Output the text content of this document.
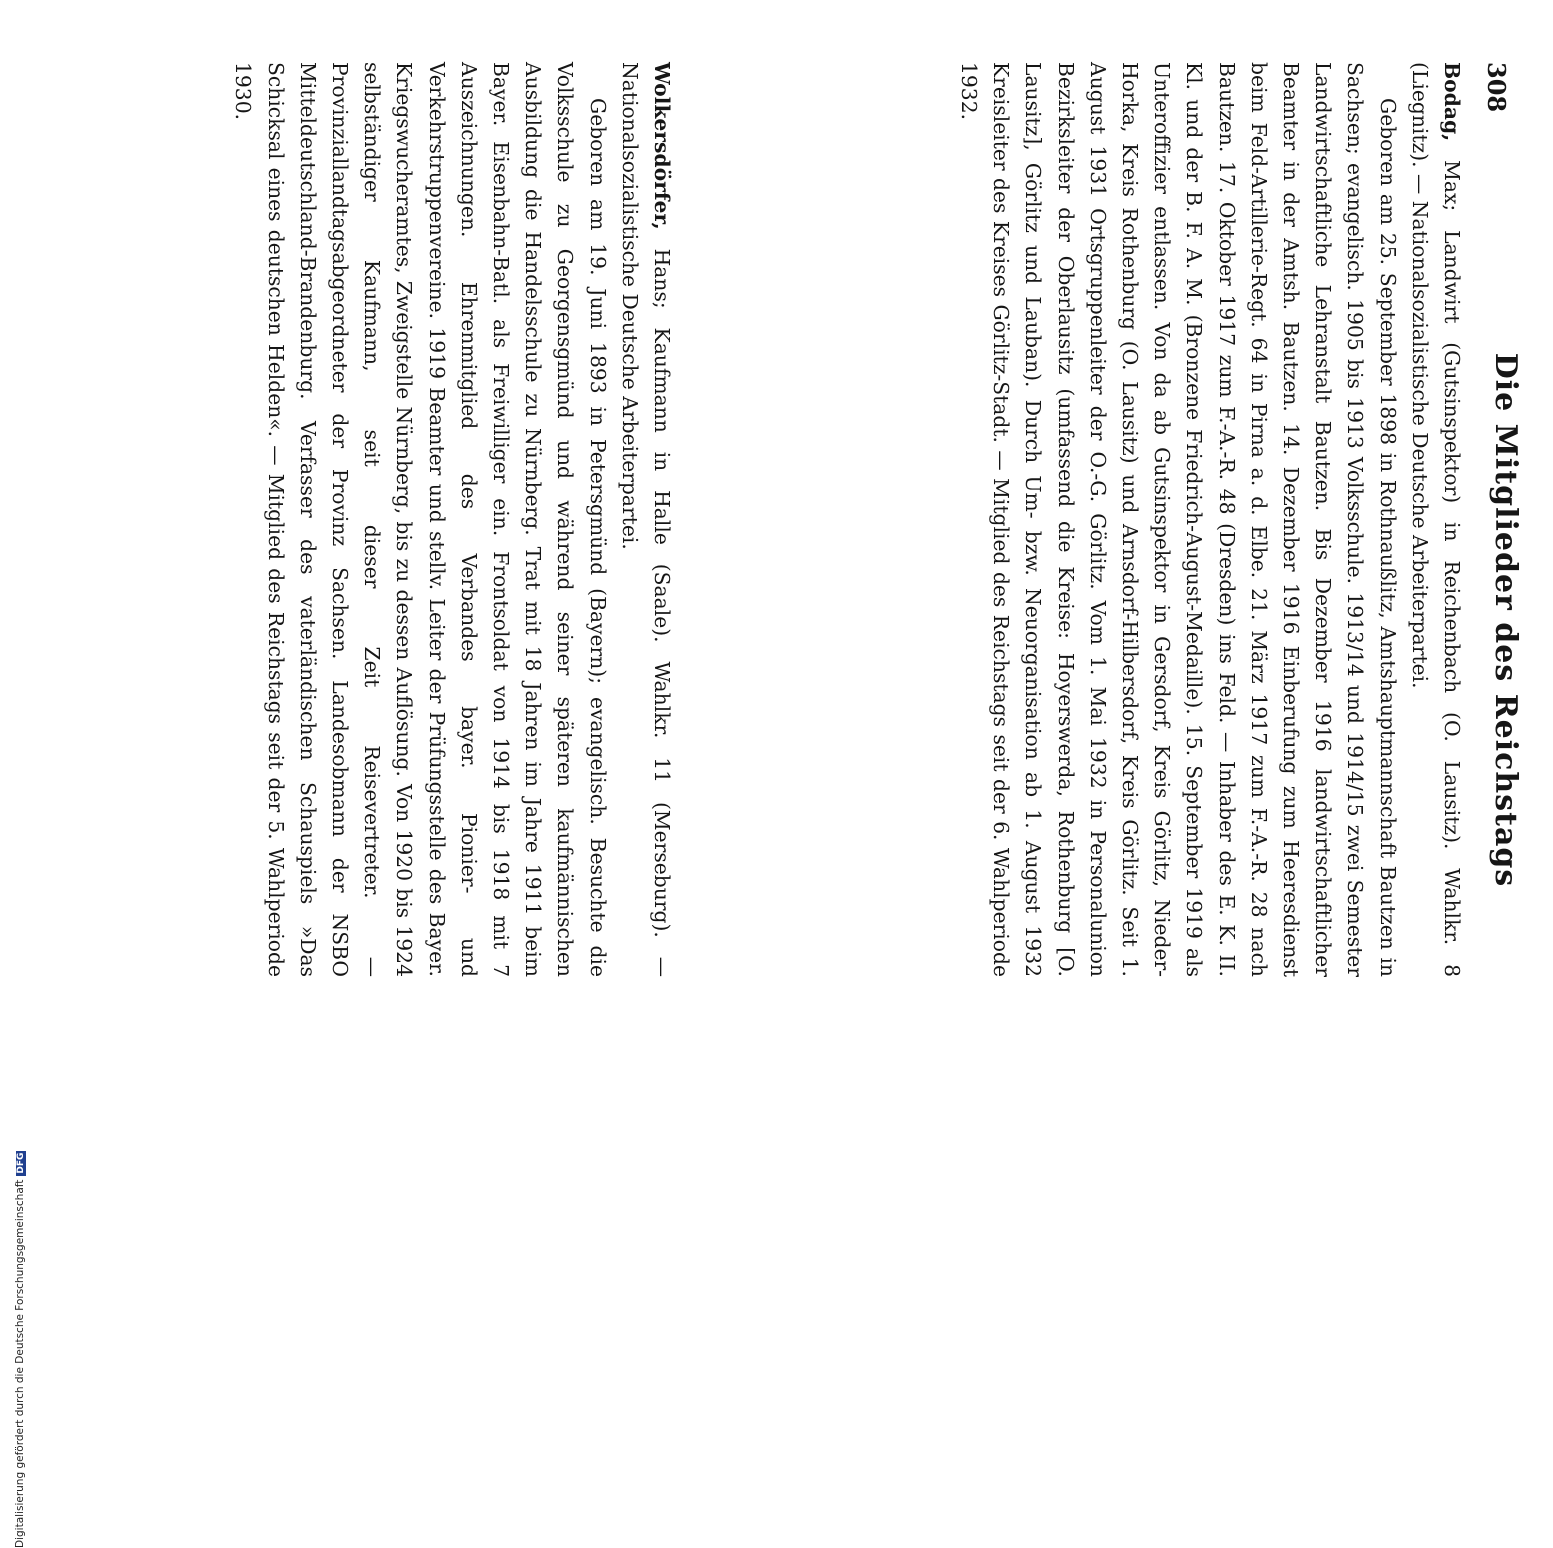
308
Die Mitglieder des Reichstags

Bodag, Max; Landwirt (Gutsinspektor) in Reichenbach (O. Lausitz). Wahlkr. 8 (Liegnitz). — Nationalsozialistische Deutsche Arbeiterpartei.

Geboren am 25. September 1898 in Rothnaußlitz, Amtshauptmannschaft Bautzen in Sachsen; evangelisch. 1905 bis 1913 Volksschule. 1913/14 und 1914/15 zwei Semester Landwirtschaftliche Lehranstalt Bautzen. Bis Dezember 1916 landwirtschaftlicher Beamter in der Amtsh. Bautzen. 14. Dezember 1916 Einberufung zum Heeresdienst beim Feld-Artillerie-Regt. 64 in Pirna a. d. Elbe. 21. März 1917 zum F.-A.-R. 28 nach Bautzen. 17. Oktober 1917 zum F.-A.-R. 48 (Dresden) ins Feld. — Inhaber des E. K. II. Kl. und der B. F. A. M. (Bronzene Friedrich-August-Medaille). 15. September 1919 als Unteroffizier entlassen. Von da ab Gutsinspektor in Gersdorf, Kreis Görlitz, Nieder-Horka, Kreis Rothenburg (O. Lausitz) und Arnsdorf-Hilbersdorf, Kreis Görlitz. Seit 1. August 1931 Ortsgruppenleiter der O.-G. Görlitz. Vom 1. Mai 1932 in Personalunion Bezirksleiter der Oberlausitz (umfassend die Kreise: Hoyerswerda, Rothenburg [O. Lausitz], Görlitz und Lauban). Durch Um- bzw. Neuorganisation ab 1. August 1932 Kreisleiter des Kreises Görlitz-Stadt. — Mitglied des Reichstags seit der 6. Wahlperiode 1932.

Wolkersdörfer, Hans; Kaufmann in Halle (Saale). Wahlkr. 11 (Merseburg). — Nationalsozialistische Deutsche Arbeiterpartei.

Geboren am 19. Juni 1893 in Petersgmünd (Bayern); evangelisch. Besuchte die Volksschule zu Georgensgmünd und während seiner späteren kaufmännischen Ausbildung die Handelsschule zu Nürnberg. Trat mit 18 Jahren im Jahre 1911 beim Bayer. Eisenbahn-Batl. als Freiwilliger ein. Frontsoldat von 1914 bis 1918 mit 7 Auszeichnungen. Ehrenmitglied des Verbandes bayer. Pionier- und Verkehrstruppenvereine. 1919 Beamter und stellv. Leiter der Prüfungsstelle des Bayer. Kriegswucheramtes, Zweigstelle Nürnberg, bis zu dessen Auflösung. Von 1920 bis 1924 selbständiger Kaufmann, seit dieser Zeit Reisevertreter. — Provinziallandtagsabgeordneter der Provinz Sachsen. Landesobmann der NSBO Mitteldeutschland-Brandenburg. Verfasser des vaterländischen Schauspiels »Das Schicksal eines deutschen Helden«. — Mitglied des Reichstags seit der 5. Wahlperiode 1930.

Digitalisierung gefördert durch die Deutsche ForschungsgemeinschaftDFG
